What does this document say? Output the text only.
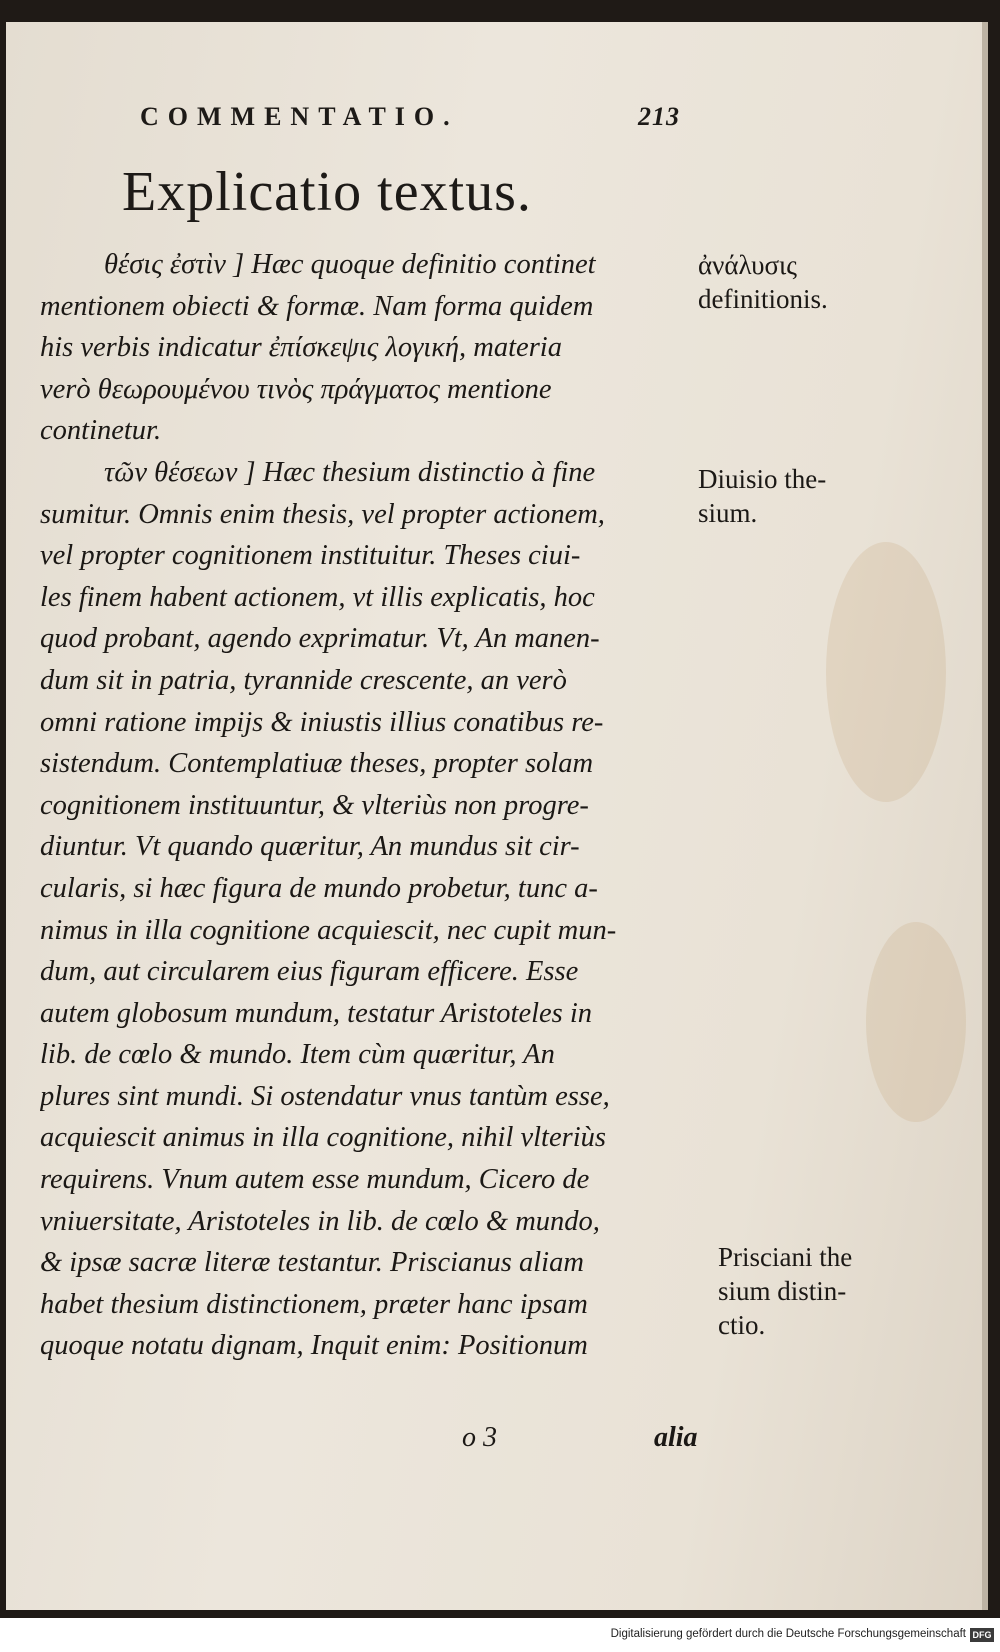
COMMENTATIO.	213
Explicatio textus.
θέσις ἐστὶν ] Hæc quoque definitio continet
mentionem obiecti & formæ. Nam forma quidem
his verbis indicatur ἐπίσκεψις λογική, materia
verò θεωρουμένου τινὸς πράγματος mentione
continetur.
τῶν θέσεων ] Hæc thesium distinctio à fine
sumitur. Omnis enim thesis, vel propter actionem,
vel propter cognitionem instituitur. Theses ciui-
les finem habent actionem, vt illis explicatis, hoc
quod probant, agendo exprimatur. Vt, An manen-
dum sit in patria, tyrannide crescente, an verò
omni ratione impijs & iniustis illius conatibus re-
sistendum. Contemplatiuæ theses, propter solam
cognitionem instituuntur, & vlteriùs non progre-
diuntur. Vt quando quæritur, An mundus sit cir-
cularis, si hæc figura de mundo probetur, tunc a-
nimus in illa cognitione acquiescit, nec cupit mun-
dum, aut circularem eius figuram efficere. Esse
autem globosum mundum, testatur Aristoteles in
lib. de cœlo & mundo. Item cùm quæritur, An
plures sint mundi. Si ostendatur vnus tantùm esse,
acquiescit animus in illa cognitione, nihil vlteriùs
requirens. Vnum autem esse mundum, Cicero de
vniuersitate, Aristoteles in lib. de cœlo & mundo,
& ipsæ sacræ literæ testantur. Priscianus aliam
habet thesium distinctionem, præter hanc ipsam
quoque notatu dignam, Inquit enim: Positionum
ἀνάλυσις
definitionis.
Diuisio the-
sium.
Prisciani the
sium distin-
ctio.
o 3	alia
Digitalisierung gefördert durch die Deutsche Forschungsgemeinschaft DFG
